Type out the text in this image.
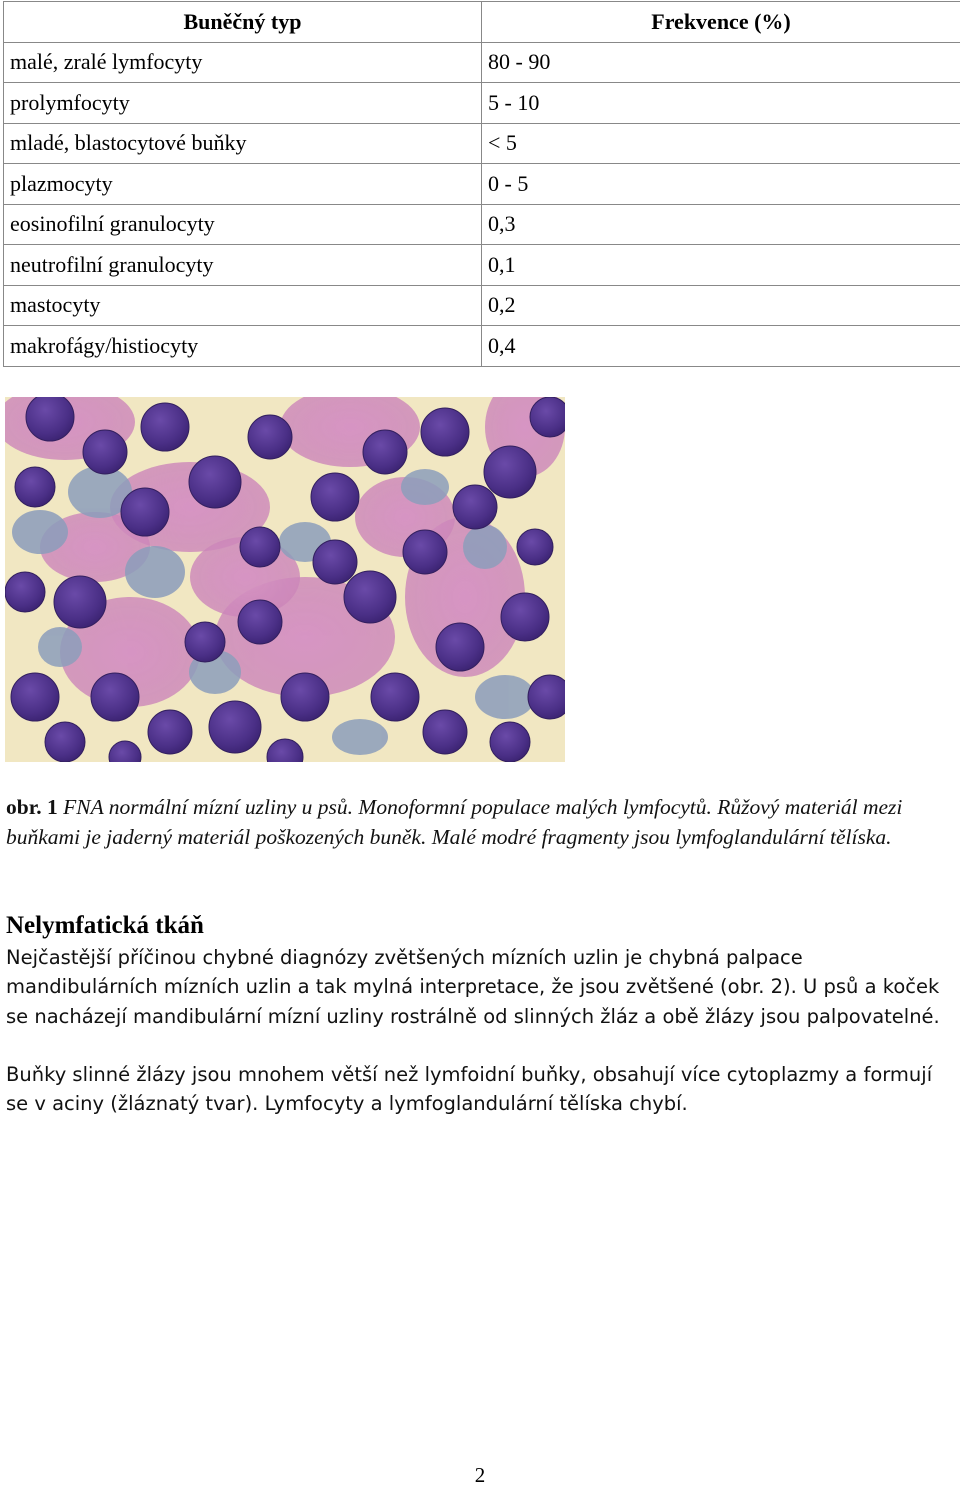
Buněčný typ	Frekvence (%)
malé, zralé lymfocyty	80 - 90
prolymfocyty	5 - 10
mladé, blastocytové buňky	< 5
plazmocyty	0 - 5
eosinofilní granulocyty	0,3
neutrofilní granulocyty	0,1
mastocyty	0,2
makrofágy/histiocyty	0,4
obr. 1 FNA normální mízní uzliny u psů. Monoformní populace malých lymfocytů. Růžový materiál mezi buňkami je jaderný materiál poškozených buněk. Malé modré fragmenty jsou lymfoglandulární tělíska.
Nelymfatická tkáň

Nejčastější příčinou chybné diagnózy zvětšených mízních uzlin je chybná palpace mandibulárních mízních uzlin a tak mylná interpretace, že jsou zvětšené (obr. 2). U psů a koček se nacházejí mandibulární mízní uzliny rostrálně od slinných žláz a obě žlázy jsou palpovatelné.

Buňky slinné žlázy jsou mnohem větší než lymfoidní buňky, obsahují více cytoplazmy a formují se v aciny (žláznatý tvar). Lymfocyty a lymfoglandulární tělíska chybí.

2
